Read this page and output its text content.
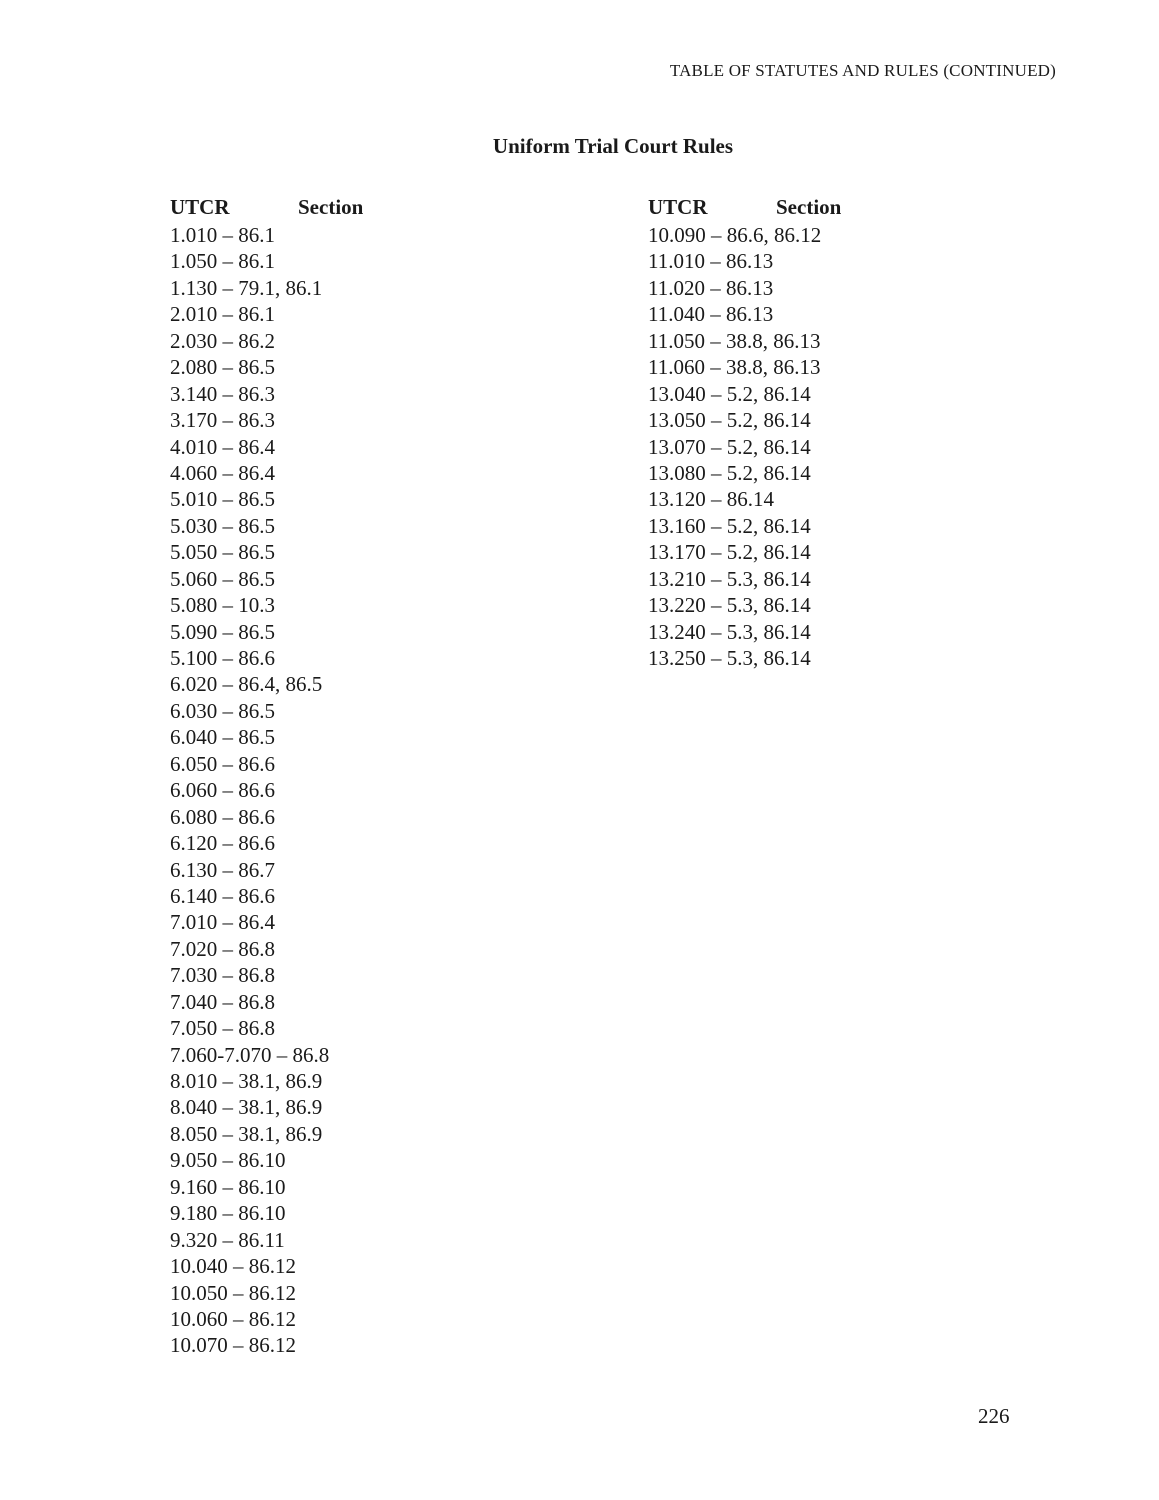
TABLE OF STATUTES AND RULES (CONTINUED)
Uniform Trial Court Rules
UTCR	Section
1.010 – 86.1
1.050 – 86.1
1.130 – 79.1, 86.1
2.010 – 86.1
2.030 – 86.2
2.080 – 86.5
3.140 – 86.3
3.170 – 86.3
4.010 – 86.4
4.060 – 86.4
5.010 – 86.5
5.030 – 86.5
5.050 – 86.5
5.060 – 86.5
5.080 – 10.3
5.090 – 86.5
5.100 – 86.6
6.020 – 86.4, 86.5
6.030 – 86.5
6.040 – 86.5
6.050 – 86.6
6.060 – 86.6
6.080 – 86.6
6.120 – 86.6
6.130 – 86.7
6.140 – 86.6
7.010 – 86.4
7.020 – 86.8
7.030 – 86.8
7.040 – 86.8
7.050 – 86.8
7.060-7.070 – 86.8
8.010 – 38.1, 86.9
8.040 – 38.1, 86.9
8.050 – 38.1, 86.9
9.050 – 86.10
9.160 – 86.10
9.180 – 86.10
9.320 – 86.11
10.040 – 86.12
10.050 – 86.12
10.060 – 86.12
10.070 – 86.12
UTCR	Section
10.090 – 86.6, 86.12
11.010 – 86.13
11.020 – 86.13
11.040 – 86.13
11.050 – 38.8, 86.13
11.060 – 38.8, 86.13
13.040 – 5.2, 86.14
13.050 – 5.2, 86.14
13.070 – 5.2, 86.14
13.080 – 5.2, 86.14
13.120 – 86.14
13.160 – 5.2, 86.14
13.170 – 5.2, 86.14
13.210 – 5.3, 86.14
13.220 – 5.3, 86.14
13.240 – 5.3, 86.14
13.250 – 5.3, 86.14
226
